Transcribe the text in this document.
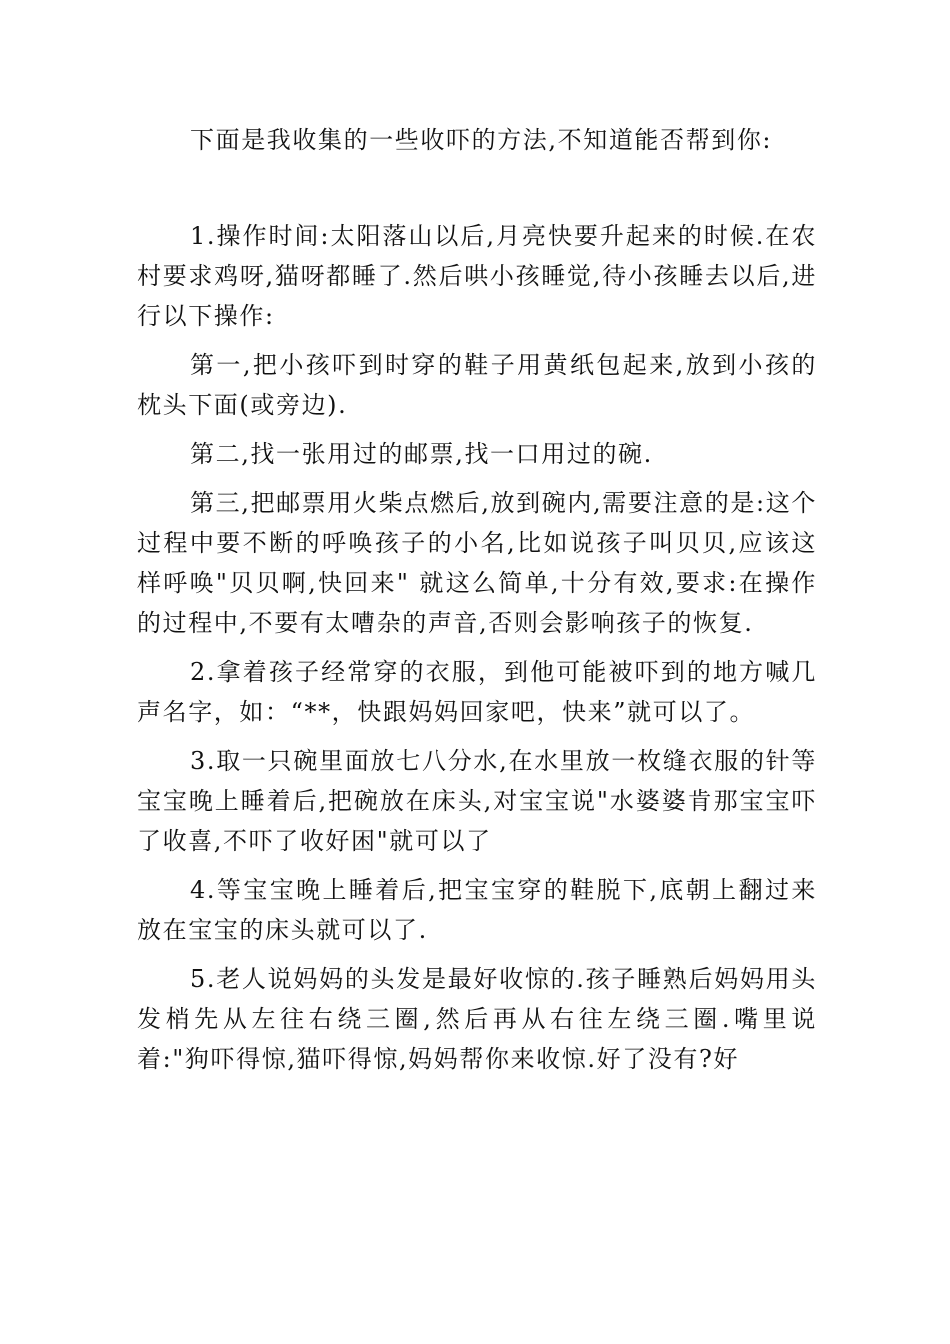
下面是我收集的一些收吓的方法,不知道能否帮到你:

1.操作时间:太阳落山以后,月亮快要升起来的时候.在农村要求鸡呀,猫呀都睡了.然后哄小孩睡觉,待小孩睡去以后,进行以下操作:

第一,把小孩吓到时穿的鞋子用黄纸包起来,放到小孩的枕头下面(或旁边).

第二,找一张用过的邮票,找一口用过的碗.

第三,把邮票用火柴点燃后,放到碗内,需要注意的是:这个过程中要不断的呼唤孩子的小名,比如说孩子叫贝贝,应该这样呼唤"贝贝啊,快回来" 就这么简单,十分有效,要求:在操作的过程中,不要有太嘈杂的声音,否则会影响孩子的恢复.

2.拿着孩子经常穿的衣服，到他可能被吓到的地方喊几声名字，如：“**，快跟妈妈回家吧，快来”就可以了。

3.取一只碗里面放七八分水,在水里放一枚缝衣服的针等宝宝晚上睡着后,把碗放在床头,对宝宝说"水婆婆肯那宝宝吓了收喜,不吓了收好困"就可以了

4.等宝宝晚上睡着后,把宝宝穿的鞋脱下,底朝上翻过来放在宝宝的床头就可以了.

5.老人说妈妈的头发是最好收惊的.孩子睡熟后妈妈用头发梢先从左往右绕三圈,然后再从右往左绕三圈.嘴里说着:"狗吓得惊,猫吓得惊,妈妈帮你来收惊.好了没有?好
